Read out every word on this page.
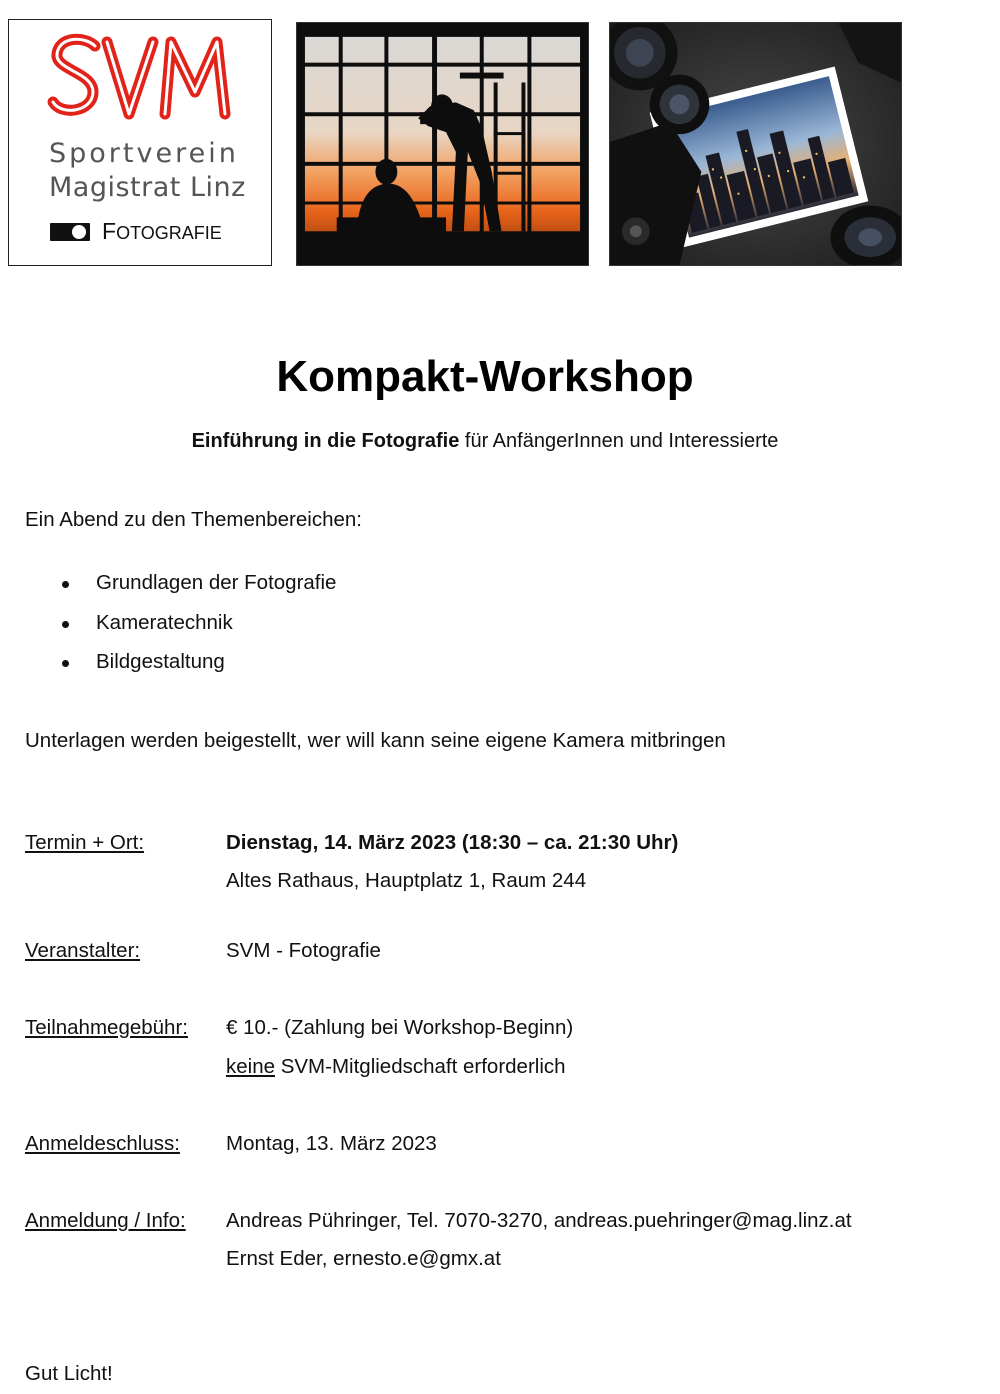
Sportverein
Magistrat Linz
FOTOGRAFIE
Kompakt-Workshop
Einführung in die Fotografie für AnfängerInnen und Interessierte
Ein Abend zu den Themenbereichen:
Grundlagen der Fotografie
Kameratechnik
Bildgestaltung
Unterlagen werden beigestellt, wer will kann seine eigene Kamera mitbringen
Termin + Ort:	Dienstag, 14. März 2023 (18:30 – ca. 21:30 Uhr)
Altes Rathaus, Hauptplatz 1, Raum 244
Veranstalter:	SVM - Fotografie
Teilnahmegebühr: € 10.- (Zahlung bei Workshop-Beginn)
keine SVM-Mitgliedschaft erforderlich
Anmeldeschluss: Montag, 13. März 2023
Anmeldung / Info: Andreas Pühringer, Tel. 7070-3270, andreas.puehringer@mag.linz.at
Ernst Eder, ernesto.e@gmx.at
Gut Licht!
